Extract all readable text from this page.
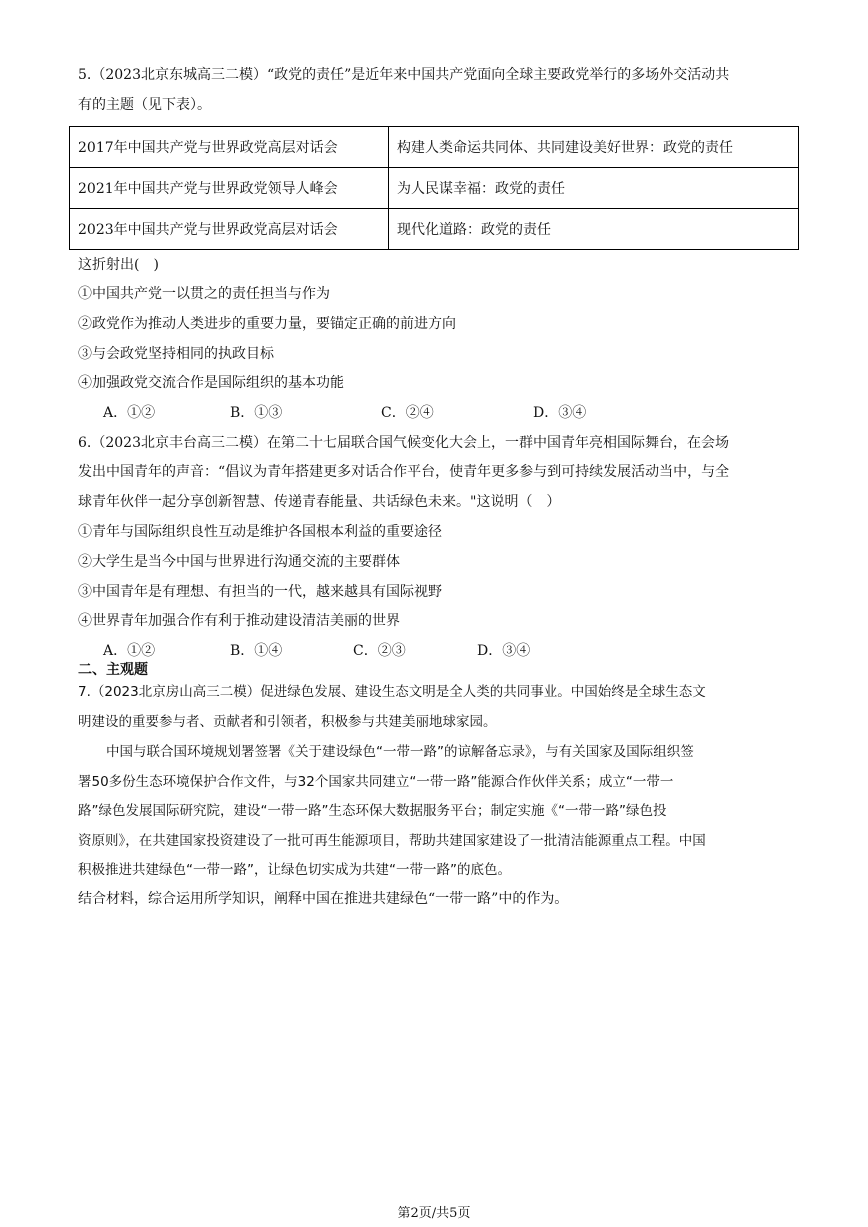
5.（2023北京东城高三二模）“政党的责任”是近年来中国共产党面向全球主要政党举行的多场外交活动共
有的主题（见下表）。
2017年中国共产党与世界政党高层对话会	构建人类命运共同体、共同建设美好世界：政党的责任
2021年中国共产党与世界政党领导人峰会	为人民谋幸福：政党的责任
2023年中国共产党与世界政党高层对话会	现代化道路：政党的责任
这折射出(　)
①中国共产党一以贯之的责任担当与作为
②政党作为推动人类进步的重要力量，要锚定正确的前进方向
③与会政党坚持相同的执政目标
④加强政党交流合作是国际组织的基本功能
A．①②	B．①③	C．②④	D．③④
6.（2023北京丰台高三二模）在第二十七届联合国气候变化大会上，一群中国青年亮相国际舞台，在会场
发出中国青年的声音：“倡议为青年搭建更多对话合作平台，使青年更多参与到可持续发展活动当中，与全
球青年伙伴一起分享创新智慧、传递青春能量、共话绿色未来。"这说明（　）
①青年与国际组织良性互动是维护各国根本利益的重要途径
②大学生是当今中国与世界进行沟通交流的主要群体
③中国青年是有理想、有担当的一代，越来越具有国际视野
④世界青年加强合作有利于推动建设清洁美丽的世界
A．①②	B．①④	C．②③	D．③④
二、主观题
7.（2023北京房山高三二模）促进绿色发展、建设生态文明是全人类的共同事业。中国始终是全球生态文
明建设的重要参与者、贡献者和引领者，积极参与共建美丽地球家园。
中国与联合国环境规划署签署《关于建设绿色“一带一路”的谅解备忘录》，与有关国家及国际组织签
署50多份生态环境保护合作文件，与32个国家共同建立“一带一路”能源合作伙伴关系；成立“一带一
路”绿色发展国际研究院，建设“一带一路”生态环保大数据服务平台；制定实施《“一带一路”绿色投
资原则》，在共建国家投资建设了一批可再生能源项目，帮助共建国家建设了一批清洁能源重点工程。中国
积极推进共建绿色“一带一路”，让绿色切实成为共建“一带一路”的底色。
结合材料，综合运用所学知识，阐释中国在推进共建绿色“一带一路”中的作为。
第2页/共5页
